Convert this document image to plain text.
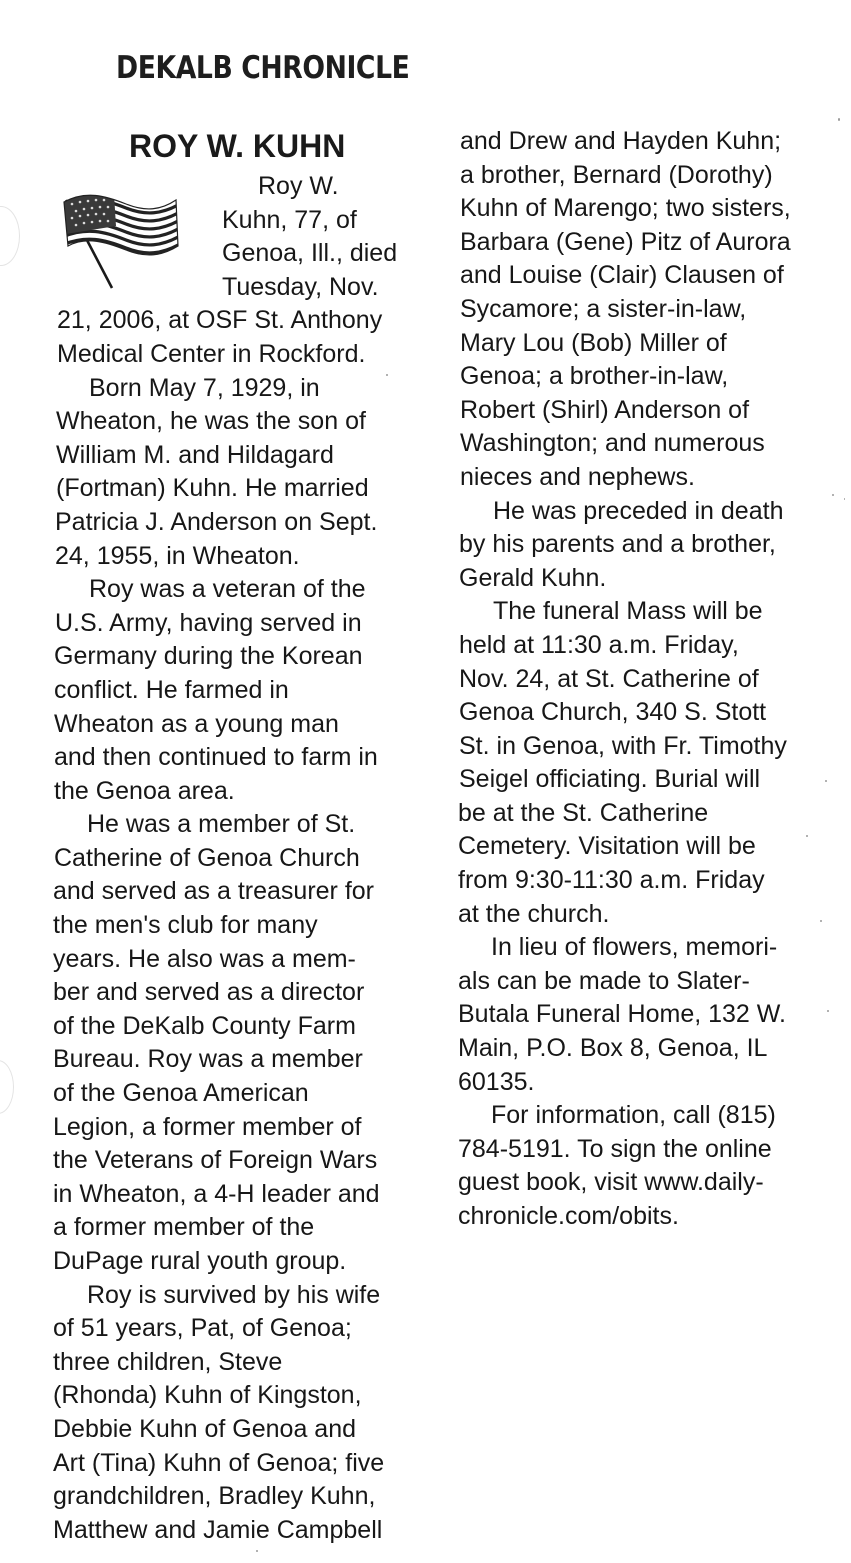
DEKALB CHRONICLE
ROY W. KUHN
Roy W.
Kuhn, 77, of
Genoa, Ill., died
Tuesday, Nov.
21, 2006, at OSF St. Anthony
Medical Center in Rockford.
Born May 7, 1929, in
Wheaton, he was the son of
William M. and Hildagard
(Fortman) Kuhn. He married
Patricia J. Anderson on Sept.
24, 1955, in Wheaton.
Roy was a veteran of the
U.S. Army, having served in
Germany during the Korean
conflict. He farmed in
Wheaton as a young man
and then continued to farm in
the Genoa area.
He was a member of St.
Catherine of Genoa Church
and served as a treasurer for
the men's club for many
years. He also was a mem-
ber and served as a director
of the DeKalb County Farm
Bureau. Roy was a member
of the Genoa American
Legion, a former member of
the Veterans of Foreign Wars
in Wheaton, a 4-H leader and
a former member of the
DuPage rural youth group.
Roy is survived by his wife
of 51 years, Pat, of Genoa;
three children, Steve
(Rhonda) Kuhn of Kingston,
Debbie Kuhn of Genoa and
Art (Tina) Kuhn of Genoa; five
grandchildren, Bradley Kuhn,
Matthew and Jamie Campbell
and Drew and Hayden Kuhn;
a brother, Bernard (Dorothy)
Kuhn of Marengo; two sisters,
Barbara (Gene) Pitz of Aurora
and Louise (Clair) Clausen of
Sycamore; a sister-in-law,
Mary Lou (Bob) Miller of
Genoa; a brother-in-law,
Robert (Shirl) Anderson of
Washington; and numerous
nieces and nephews.
He was preceded in death
by his parents and a brother,
Gerald Kuhn.
The funeral Mass will be
held at 11:30 a.m. Friday,
Nov. 24, at St. Catherine of
Genoa Church, 340 S. Stott
St. in Genoa, with Fr. Timothy
Seigel officiating. Burial will
be at the St. Catherine
Cemetery. Visitation will be
from 9:30-11:30 a.m. Friday
at the church.
In lieu of flowers, memori-
als can be made to Slater-
Butala Funeral Home, 132 W.
Main, P.O. Box 8, Genoa, IL
60135.
For information, call (815)
784-5191. To sign the online
guest book, visit www.daily-
chronicle.com/obits.
